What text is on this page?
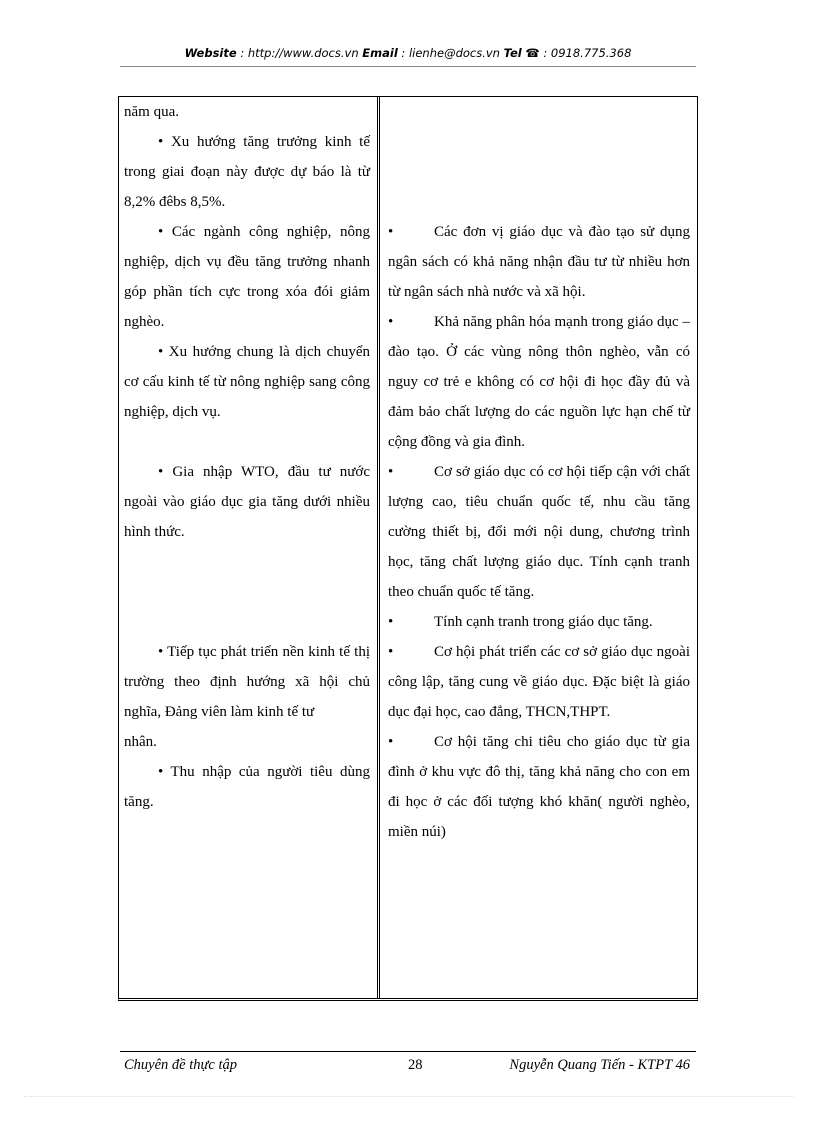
Website : http://www.docs.vn Email : lienhe@docs.vn Tel ☎ : 0918.775.368
năm qua.
• Xu hướng tăng trưởng kinh tế trong giai đoạn này được dự báo là từ 8,2% đêbs 8,5%.
• Các ngành công nghiệp, nông nghiệp, dịch vụ đều tăng trưởng nhanh góp phần tích cực trong xóa đói giảm nghèo.
• Xu hướng chung là dịch chuyển cơ cấu kinh tế từ nông nghiệp sang công nghiệp, dịch vụ.
• Gia nhập WTO, đầu tư nước ngoài vào giáo dục gia tăng dưới nhiều hình thức.
• Tiếp tục phát triển nền kinh tế thị trường theo định hướng xã hội chủ nghĩa, Đảng viên làm kinh tế tư
nhân.
• Thu nhập của người tiêu dùng tăng.
•	Các đơn vị giáo dục và đào tạo sử dụng ngân sách có khả năng nhận đầu tư từ nhiều hơn từ ngân sách nhà nước và xã hội.
•	Khả năng phân hóa mạnh trong giáo dục – đào tạo. Ở các vùng nông thôn nghèo, vẫn có nguy cơ trẻ e không có cơ hội đi học đầy đủ và đảm bảo chất lượng do các nguồn lực hạn chế từ cộng đồng và gia đình.
•	Cơ sở giáo dục có cơ hội tiếp cận với chất lượng cao, tiêu chuẩn quốc tế, nhu cầu tăng cường thiết bị, đổi mới nội dung, chương trình học, tăng chất lượng giáo dục. Tính cạnh tranh theo chuẩn quốc tế tăng.
•	Tính cạnh tranh trong giáo dục tăng.
•	Cơ hội phát triển các cơ sở giáo dục ngoài công lập, tăng cung về giáo dục. Đặc biệt là giáo dục đại học, cao đẳng, THCN,THPT.
•	Cơ hội tăng chi tiêu cho giáo dục từ gia đình ở khu vực đô thị, tăng khả năng cho con em đi học ở các đối tượng khó khăn( người nghèo, miền núi)
Chuyên đề thực tập	28	Nguyễn Quang Tiến - KTPT 46
